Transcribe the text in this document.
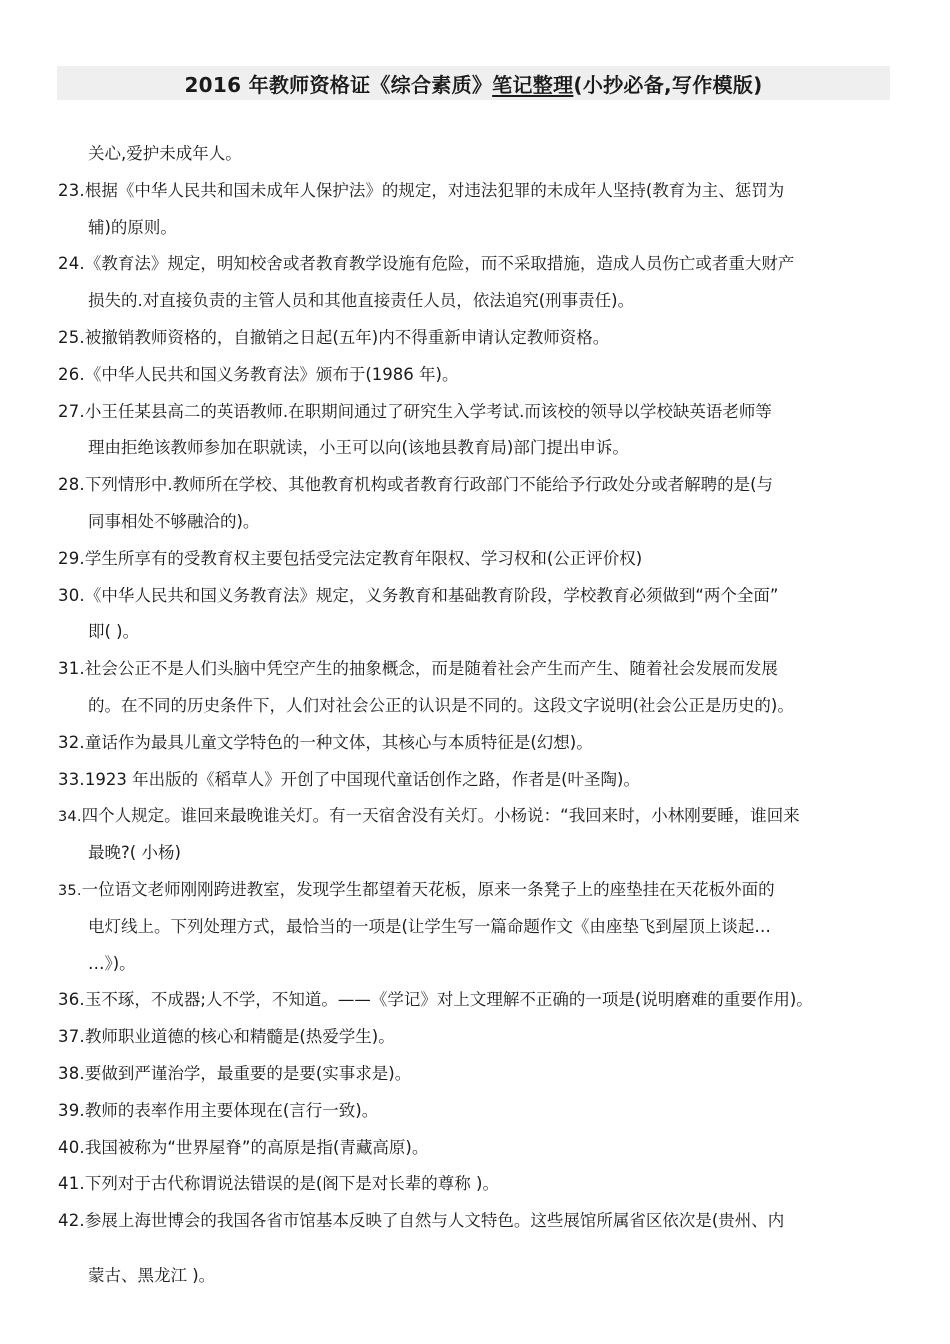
2016 年教师资格证《综合素质》笔记整理(小抄必备,写作模版)
关心,爱护未成年人。
23.根据《中华人民共和国未成年人保护法》的规定，对违法犯罪的未成年人坚持(教育为主、惩罚为
辅)的原则。
24.《教育法》规定，明知校舍或者教育教学设施有危险，而不采取措施，造成人员伤亡或者重大财产
损失的.对直接负责的主管人员和其他直接责任人员，依法追究(刑事责任)。
25.被撤销教师资格的，自撤销之日起(五年)内不得重新申请认定教师资格。
26.《中华人民共和国义务教育法》颁布于(1986 年)。
27.小王任某县高二的英语教师.在职期间通过了研究生入学考试.而该校的领导以学校缺英语老师等
理由拒绝该教师参加在职就读，小王可以向(该地县教育局)部门提出申诉。
28.下列情形中.教师所在学校、其他教育机构或者教育行政部门不能给予行政处分或者解聘的是(与
同事相处不够融洽的)。
29.学生所享有的受教育权主要包括受完法定教育年限权、学习权和(公正评价权)
30.《中华人民共和国义务教育法》规定，义务教育和基础教育阶段，学校教育必须做到“两个全面”
即( )。
31.社会公正不是人们头脑中凭空产生的抽象概念，而是随着社会产生而产生、随着社会发展而发展
的。在不同的历史条件下，人们对社会公正的认识是不同的。这段文字说明(社会公正是历史的)。
32.童话作为最具儿童文学特色的一种文体，其核心与本质特征是(幻想)。
33.1923 年出版的《稻草人》开创了中国现代童话创作之路，作者是(叶圣陶)。
34.四个人规定。谁回来最晚谁关灯。有一天宿舍没有关灯。小杨说：“我回来时，小林刚要睡，谁回来
最晚?( 小杨)
35.一位语文老师刚刚跨进教室，发现学生都望着天花板，原来一条凳子上的座垫挂在天花板外面的
电灯线上。下列处理方式，最恰当的一项是(让学生写一篇命题作文《由座垫飞到屋顶上谈起…
…》)。
36.玉不琢，不成器;人不学，不知道。——《学记》对上文理解不正确的一项是(说明磨难的重要作用)。
37.教师职业道德的核心和精髓是(热爱学生)。
38.要做到严谨治学，最重要的是要(实事求是)。
39.教师的表率作用主要体现在(言行一致)。
40.我国被称为“世界屋脊”的高原是指(青藏高原)。
41.下列对于古代称谓说法错误的是(阁下是对长辈的尊称 )。
42.参展上海世博会的我国各省市馆基本反映了自然与人文特色。这些展馆所属省区依次是(贵州、内
蒙古、黑龙江 )。
